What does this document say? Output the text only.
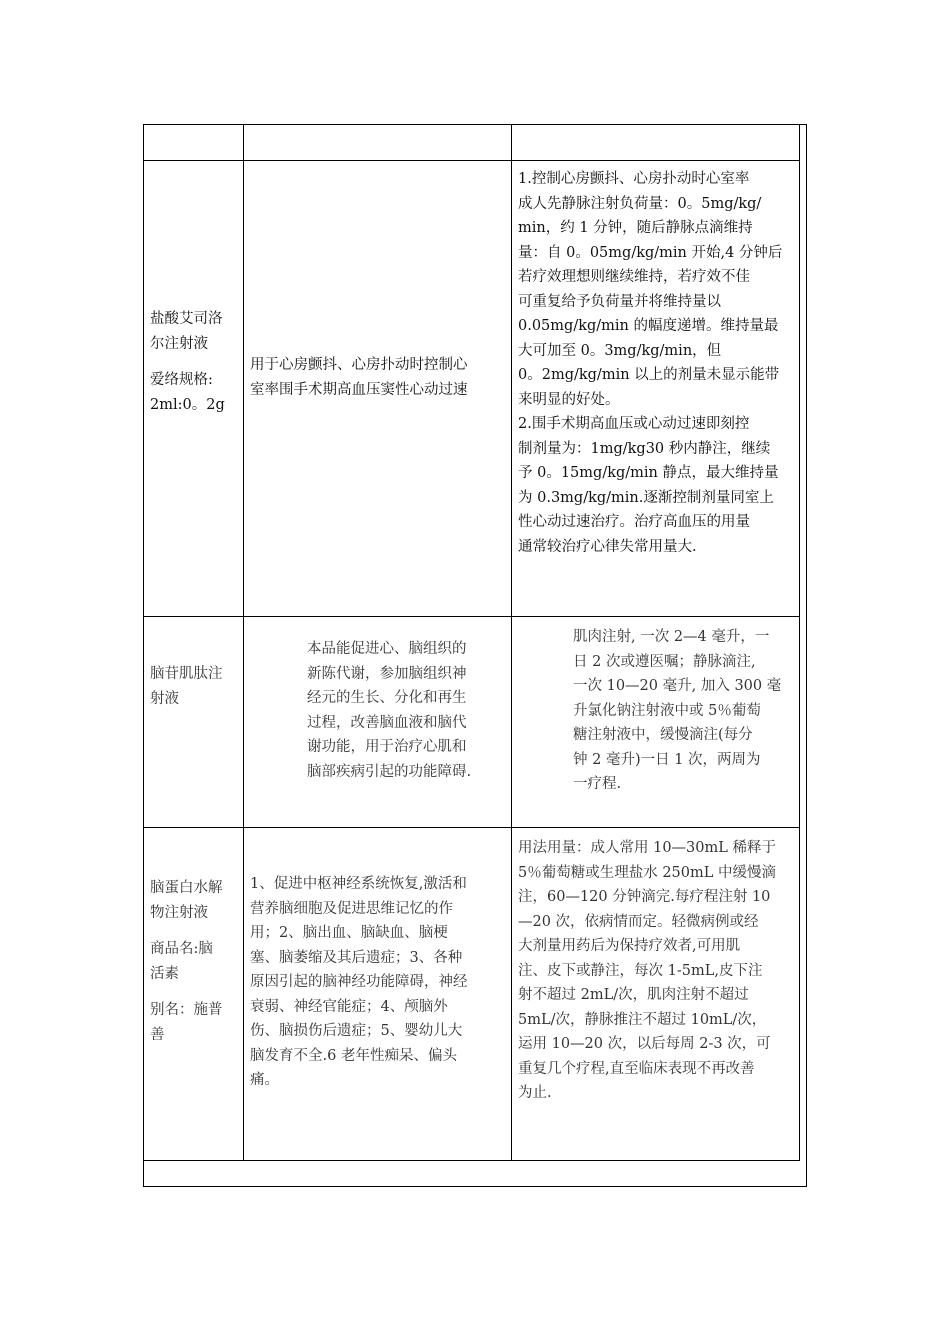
盐酸艾司洛

尔注射液

爱络规格:

2ml:0。2g

用于心房颤抖、心房扑动时控制心

室率围手术期高血压窦性心动过速

1.控制心房颤抖、心房扑动时心室率

成人先静脉注射负荷量：0。5mg/kg/

min，约 1 分钟，随后静脉点滴维持

量：自 0。05mg/kg/min 开始,4 分钟后

若疗效理想则继续维持，若疗效不佳

可重复给予负荷量并将维持量以

0.05mg/kg/min 的幅度递增。维持量最

大可加至 0。3mg/kg/min，但

0。2mg/kg/min 以上的剂量未显示能带

来明显的好处。

2.围手术期高血压或心动过速即刻控

制剂量为：1mg/kg30 秒内静注，继续

予 0。15mg/kg/min 静点，最大维持量

为 0.3mg/kg/min.逐渐控制剂量同室上

性心动过速治疗。治疗高血压的用量

通常较治疗心律失常用量大.

脑苷肌肽注

射液

本品能促进心、脑组织的

新陈代谢，参加脑组织神

经元的生长、分化和再生

过程，改善脑血液和脑代

谢功能，用于治疗心肌和

脑部疾病引起的功能障碍.

肌肉注射, 一次 2—4 毫升，一

日 2 次或遵医嘱；静脉滴注,

一次 10—20 毫升, 加入 300 毫

升氯化钠注射液中或 5％葡萄

糖注射液中，缓慢滴注(每分

钟 2 毫升)一日 1 次，两周为

一疗程.

脑蛋白水解

物注射液

商品名:脑

活素

别名：施普

善

1、促进中枢神经系统恢复,激活和

营养脑细胞及促进思维记忆的作

用；2、脑出血、脑缺血、脑梗

塞、脑萎缩及其后遗症；3、各种

原因引起的脑神经功能障碍，神经

衰弱、神经官能症；4、颅脑外

伤、脑损伤后遗症；5、婴幼儿大

脑发育不全.6 老年性痴呆、偏头

痛。

用法用量：成人常用 10—30mL 稀释于

5％葡萄糖或生理盐水 250mL 中缓慢滴

注，60—120 分钟滴完.每疗程注射 10

—20 次，依病情而定。轻微病例或经

大剂量用药后为保持疗效者,可用肌

注、皮下或静注，每次 1-5mL,皮下注

射不超过 2mL/次，肌肉注射不超过

5mL/次，静脉推注不超过 10mL/次，

运用 10—20 次，以后每周 2-3 次，可

重复几个疗程,直至临床表现不再改善

为止.
